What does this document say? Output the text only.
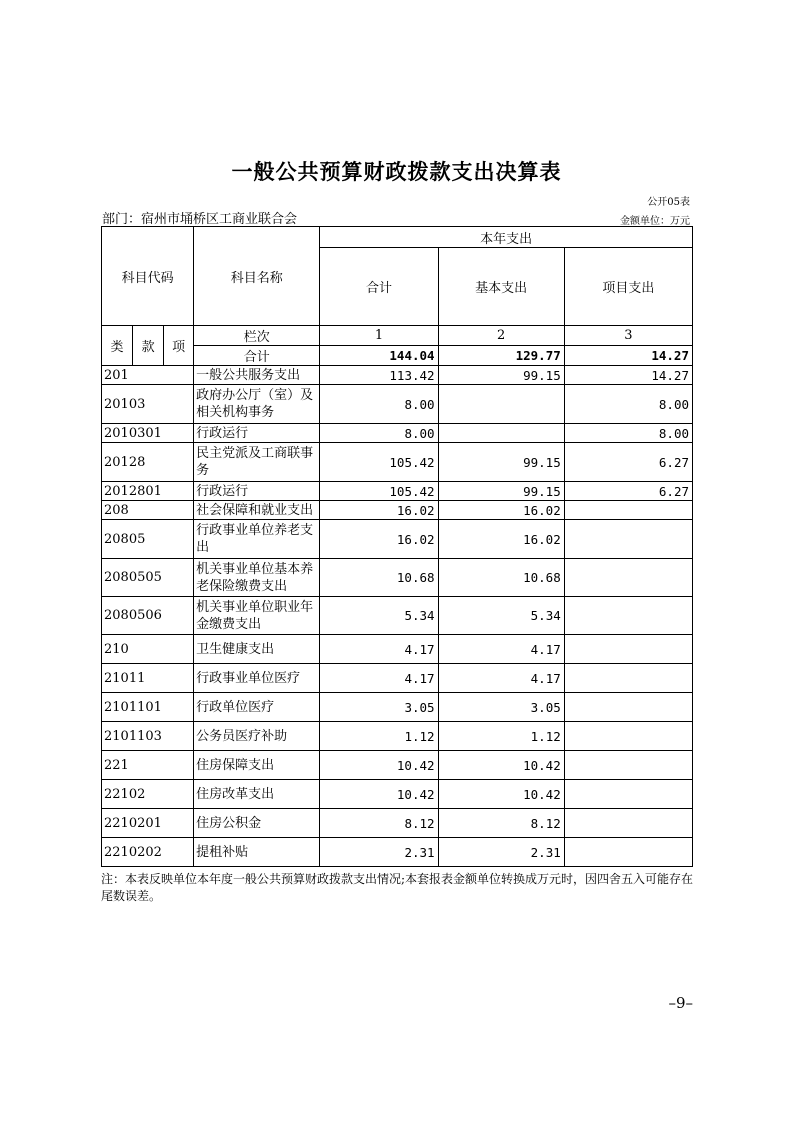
一般公共预算财政拨款支出决算表
公开05表
部门：宿州市埇桥区工商业联合会	金额单位：万元
科目代码			科目名称	本年支出		
				合计	基本支出	项目支出
类	款	项	栏次	1	2	3
			合计	144.04	129.77	14.27
201			一般公共服务支出	113.42	99.15	14.27
20103			政府办公厅（室）及相关机构事务	8.00		8.00
2010301			行政运行	8.00		8.00
20128			民主党派及工商联事务	105.42	99.15	6.27
2012801			行政运行	105.42	99.15	6.27
208			社会保障和就业支出	16.02	16.02	
20805			行政事业单位养老支出	16.02	16.02	
2080505			机关事业单位基本养老保险缴费支出	10.68	10.68	
2080506			机关事业单位职业年金缴费支出	5.34	5.34	
210			卫生健康支出	4.17	4.17	
21011			行政事业单位医疗	4.17	4.17	
2101101			行政单位医疗	3.05	3.05	
2101103			公务员医疗补助	1.12	1.12	
221			住房保障支出	10.42	10.42	
22102			住房改革支出	10.42	10.42	
2210201			住房公积金	8.12	8.12	
2210202			提租补贴	2.31	2.31	
注：本表反映单位本年度一般公共预算财政拨款支出情况;本套报表金额单位转换成万元时，因四舍五入可能存在尾数误差。
–9–
